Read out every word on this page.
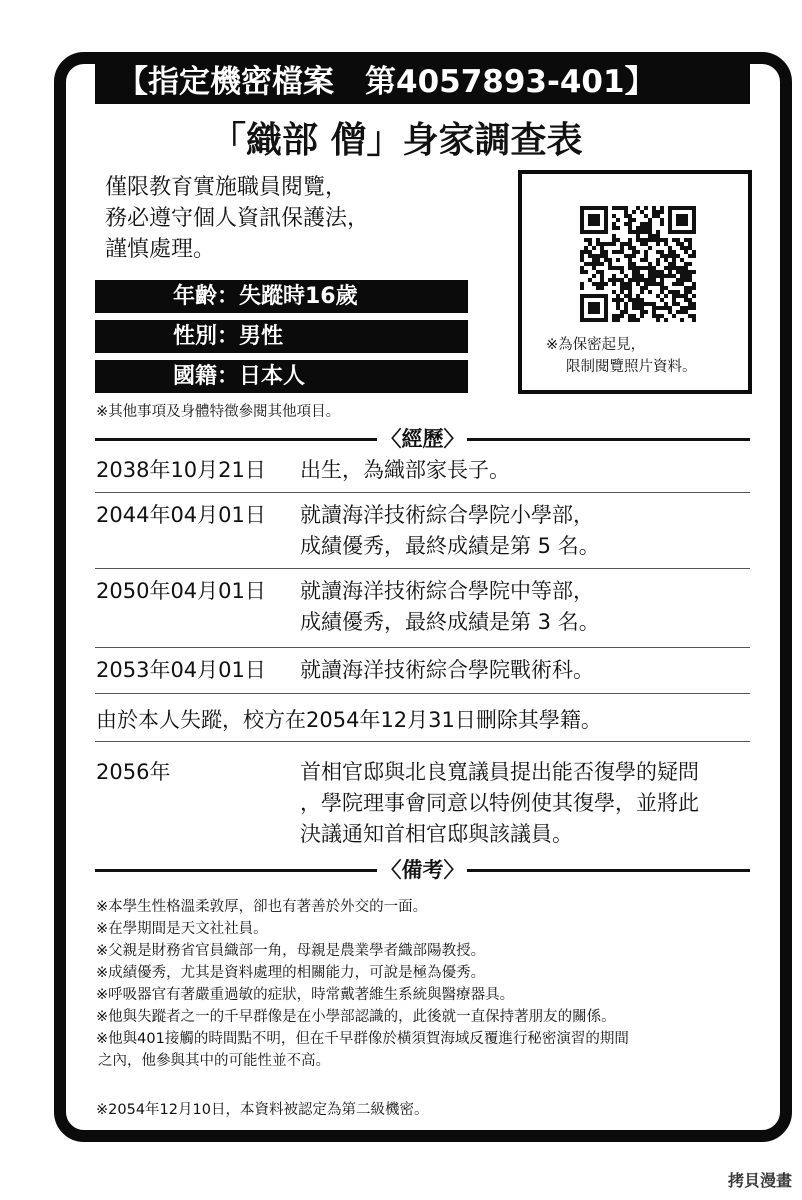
【指定機密檔案　第4057893-401】
「織部 僧」身家調查表
僅限教育實施職員閱覽，
務必遵守個人資訊保護法，
謹慎處理。
※為保密起見，
限制閱覽照片資料。
年齡：失蹤時16歲
性別：男性
國籍：日本人
※其他事項及身體特徵參閱其他項目。
〈經歷〉
2038年10月21日 出生，為織部家長子。
2044年04月01日 就讀海洋技術綜合學院小學部，
成績優秀，最終成績是第 5 名。
2050年04月01日 就讀海洋技術綜合學院中等部，
成績優秀，最終成績是第 3 名。
2053年04月01日 就讀海洋技術綜合學院戰術科。
由於本人失蹤，校方在2054年12月31日刪除其學籍。
2056年	首相官邸與北良寬議員提出能否復學的疑問
，學院理事會同意以特例使其復學，並將此
決議通知首相官邸與該議員。
〈備考〉
※本學生性格溫柔敦厚，卻也有著善於外交的一面。
※在學期間是天文社社員。
※父親是財務省官員織部一角，母親是農業學者織部陽教授。
※成績優秀，尤其是資料處理的相關能力，可說是極為優秀。
※呼吸器官有著嚴重過敏的症狀，時常戴著維生系統與醫療器具。
※他與失蹤者之一的千早群像是在小學部認識的，此後就一直保持著朋友的關係。
※他與401接觸的時間點不明，但在千早群像於橫須賀海域反覆進行秘密演習的期間
之內，他參與其中的可能性並不高。
※2054年12月10日，本資料被認定為第二級機密。
拷貝漫畫
